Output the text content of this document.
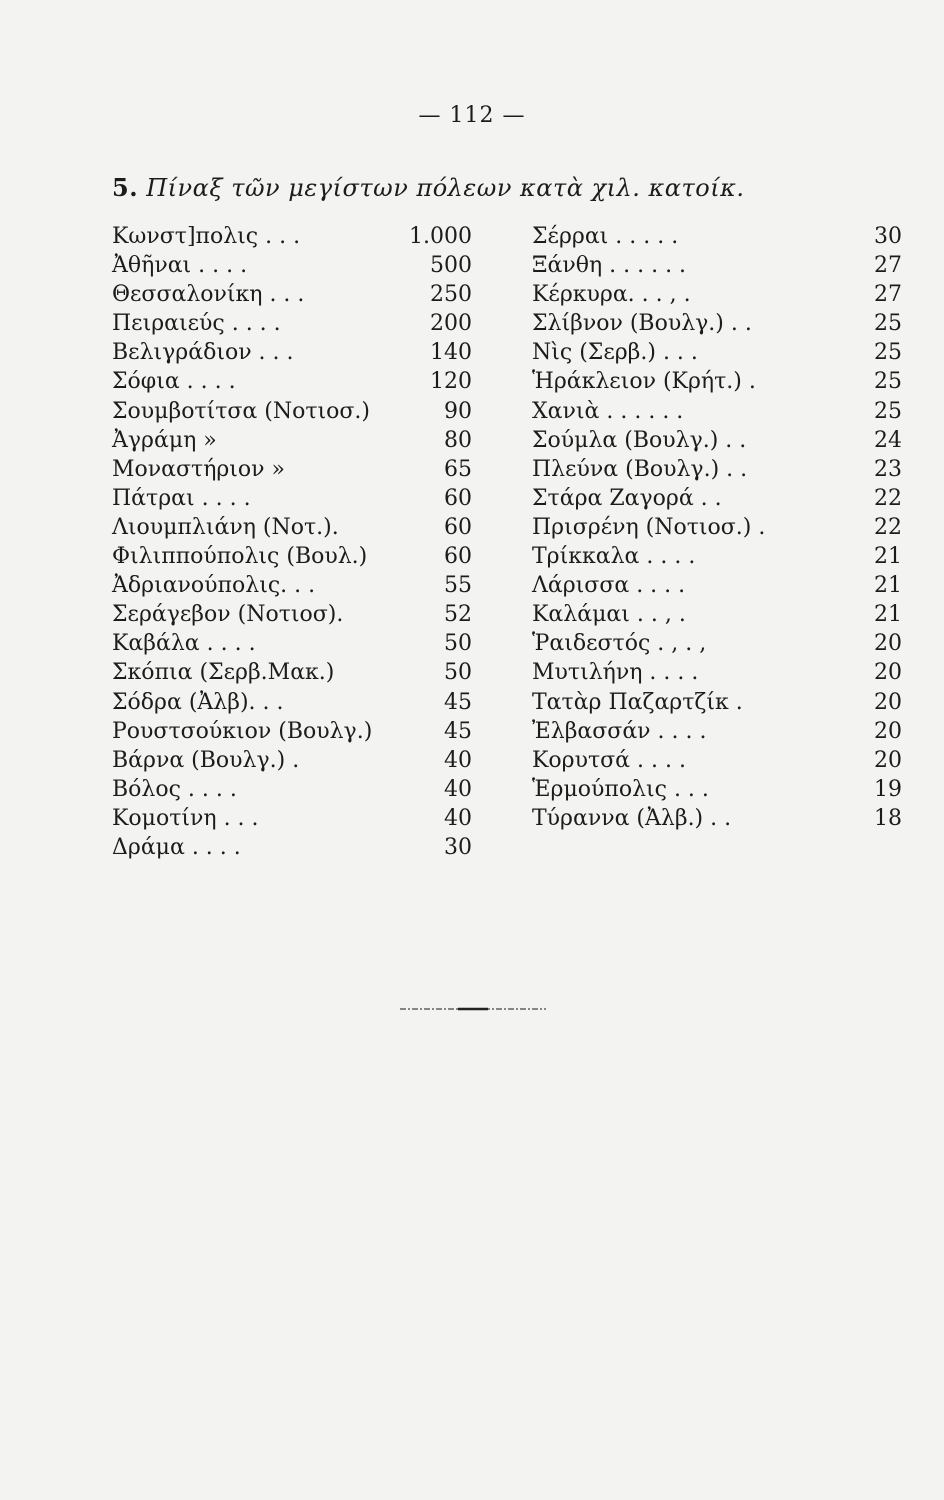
— 112 —
5. Πίναξ τῶν μεγίστων πόλεων κατὰ χιλ. κατοίκ.
Κωνστ]πολις . . .	1.000
Ἀθῆναι . . . .	500
Θεσσαλονίκη . . .	250
Πειραιεύς . . . .	200
Βελιγράδιον . . .	140
Σόφια . . . .	120
Σουμβοτίτσα (Νοτιοσ.)	90
Ἀγράμη »	80
Μοναστήριον »	65
Πάτραι . . . .	60
Λιουμπλιάνη (Νοτ.).	60
Φιλιππούπολις (Βουλ.)	60
Ἀδριανούπολις. . .	55
Σεράγεβον (Νοτιοσ).	52
Καβάλα . . . .	50
Σκόπια (Σερβ.Μακ.)	50
Σόδρα (Ἀλβ). . .	45
Ρουστσούκιον (Βουλγ.)	45
Βάρνα (Βουλγ.) .	40
Βόλος . . . .	40
Κομοτίνη . . .	40
Δράμα . . . .	30
Σέρραι . . . . .	30
Ξάνθη . . . . . .	27
Κέρκυρα. . . , .	27
Σλίβνον (Βουλγ.) . .	25
Νὶς (Σερβ.) . . .	25
Ἡράκλειον (Κρήτ.) .	25
Χανιὰ . . . . . .	25
Σούμλα (Βουλγ.) . .	24
Πλεύνα (Βουλγ.) . .	23
Στάρα Ζαγορά . .	22
Πρισρένη (Νοτιοσ.) .	22
Τρίκκαλα . . . .	21
Λάρισσα . . . .	21
Καλάμαι . . , .	21
Ῥαιδεστός . , . ,	20
Μυτιλήνη . . . .	20
Τατὰρ Παζαρτζίκ .	20
Ἐλβασσάν . . . .	20
Κορυτσά . . . .	20
Ἑρμούπολις . . .	19
Τύραννα (Ἀλβ.) . .	18
